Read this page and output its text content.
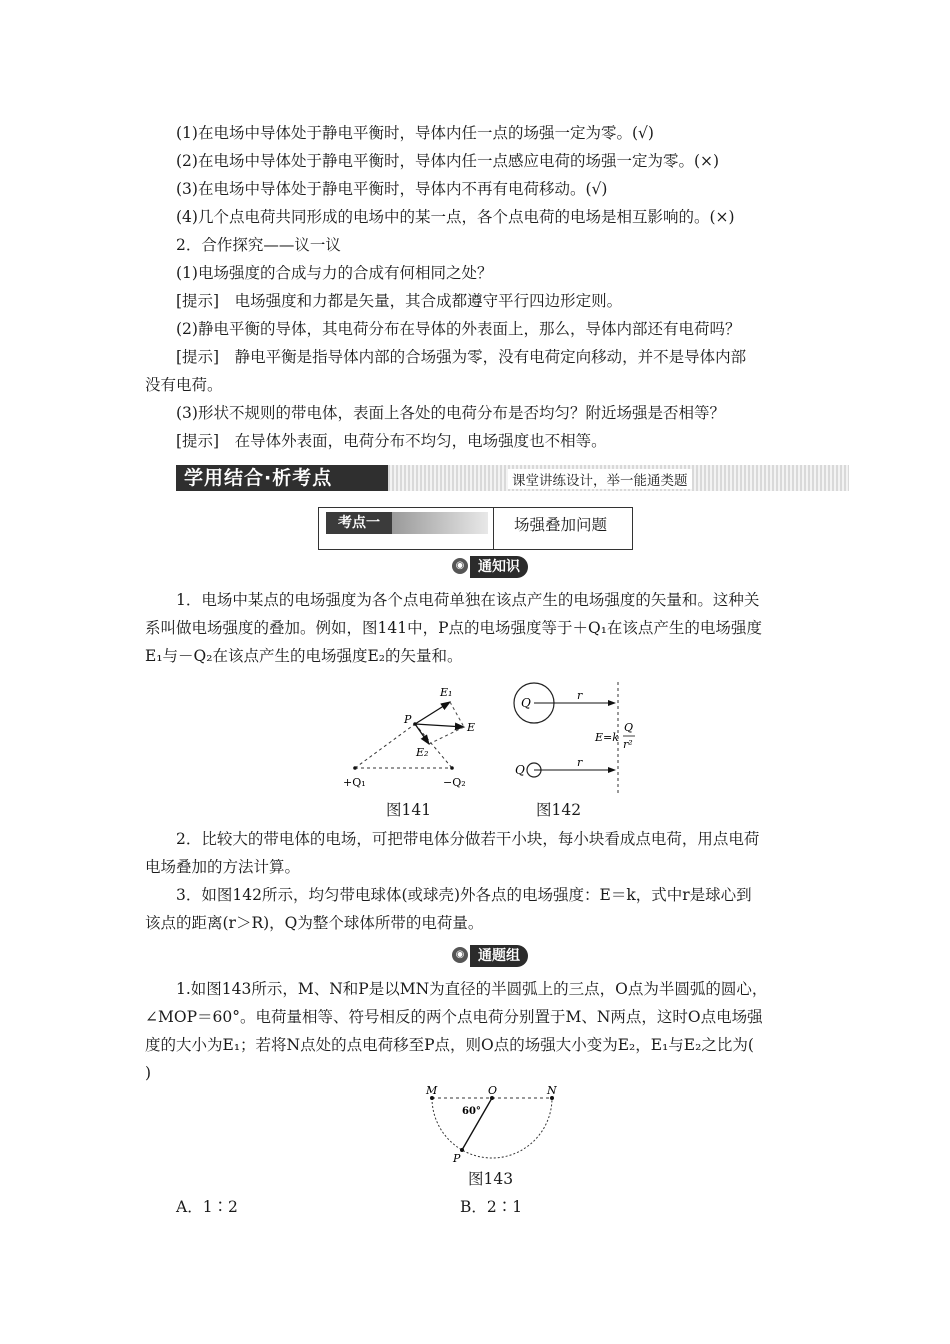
(1)在电场中导体处于静电平衡时，导体内任一点的场强一定为零。(√)
(2)在电场中导体处于静电平衡时，导体内任一点感应电荷的场强一定为零。(×)
(3)在电场中导体处于静电平衡时，导体内不再有电荷移动。(√)
(4)几个点电荷共同形成的电场中的某一点，各个点电荷的电场是相互影响的。(×)
2．合作探究——议一议
(1)电场强度的合成与力的合成有何相同之处？
[提示]　电场强度和力都是矢量，其合成都遵守平行四边形定则。
(2)静电平衡的导体，其电荷分布在导体的外表面上，那么，导体内部还有电荷吗？
[提示]　静电平衡是指导体内部的合场强为零，没有电荷定向移动，并不是导体内部
没有电荷。
(3)形状不规则的带电体，表面上各处的电荷分布是否均匀？附近场强是否相等？
[提示]　在导体外表面，电荷分布不均匀，电场强度也不相等。
学用结合·析考点	课堂讲练设计，举一能通类题
考点一	场强叠加问题
◉ 通知识
1．电场中某点的电场强度为各个点电荷单独在该点产生的电场强度的矢量和。这种关
系叫做电场强度的叠加。例如，图141中，P点的电场强度等于＋Q₁在该点产生的电场强度
E₁与－Q₂在该点产生的电场强度E₂的矢量和。
E₁
P
E
E₂
+Q₁	−Q₂
图141
Q
Q
r
r
E=k
Q
r²
图142
2．比较大的带电体的电场，可把带电体分做若干小块，每小块看成点电荷，用点电荷
电场叠加的方法计算。
3．如图142所示，均匀带电球体(或球壳)外各点的电场强度：E＝k，式中r是球心到
该点的距离(r＞R)，Q为整个球体所带的电荷量。
◉ 通题组
1.如图143所示，M、N和P是以MN为直径的半圆弧上的三点，O点为半圆弧的圆心，
∠MOP＝60°。电荷量相等、符号相反的两个点电荷分别置于M、N两点，这时O点电场强
度的大小为E₁；若将N点处的点电荷移至P点，则O点的场强大小变为E₂，E₁与E₂之比为(
)
M	O	N
P
60°
图143
A．1∶2	B．2∶1
